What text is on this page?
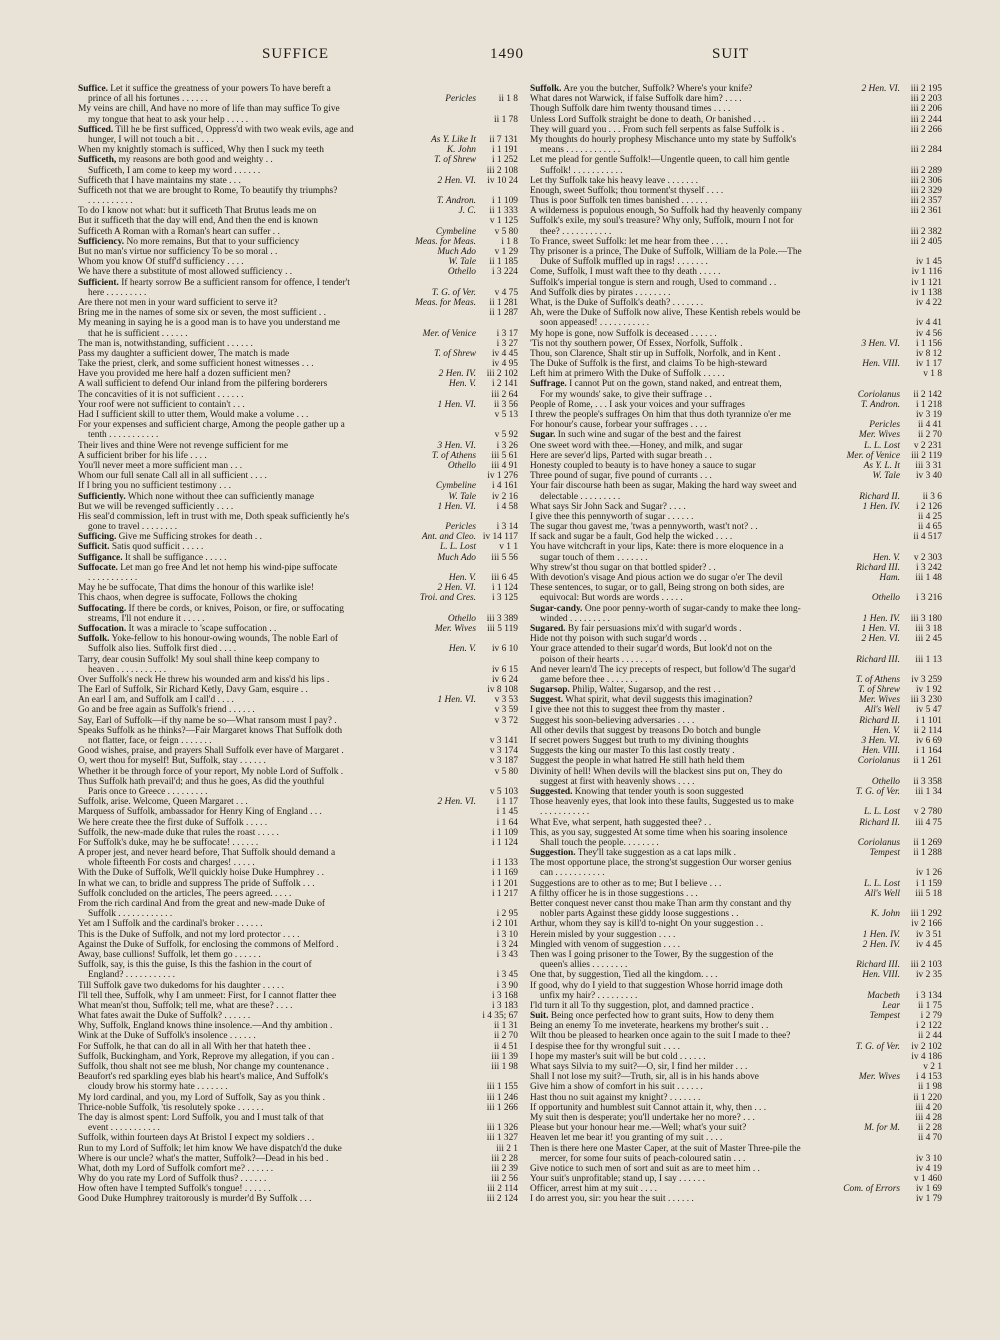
SUFFICE	1490	SUIT
Suffice. Let it suffice the greatness of your powers To have bereft a
prince of all his fortunes . . . . . .	Pericles	ii 1 8
My veins are chill, And have no more of life than may suffice To give
my tongue that heat to ask your help . . . . .	ii 1 78
Sufficed. Till he be first sufficed, Oppress'd with two weak evils, age and
hunger, I will not touch a bit . . . .	As Y. Like It	ii 7 131
When my knightly stomach is sufficed, Why then I suck my teeth	K. John	i 1 191
Sufficeth, my reasons are both good and weighty . .	T. of Shrew	i 1 252
Sufficeth, I am come to keep my word . . . . . .	iii 2 108
Sufficeth that I have maintains my state . . .	2 Hen. VI.	iv 10 24
Sufficeth not that we are brought to Rome, To beautify thy triumphs?
. . . . . . . . . .	T. Andron.	i 1 109
To do I know not what: but it sufficeth That Brutus leads me on	J. C.	ii 1 333
But it sufficeth that the day will end, And then the end is known	v 1 125
Sufficeth A Roman with a Roman's heart can suffer . .	Cymbeline	v 5 80
Sufficiency. No more remains, But that to your sufficiency	Meas. for Meas.	i 1 8
But no man's virtue nor sufficiency To be so moral . .	Much Ado	v 1 29
Whom you know Of stuff'd sufficiency . . . .	W. Tale	ii 1 185
We have there a substitute of most allowed sufficiency . .	Othello	i 3 224
Sufficient. If hearty sorrow Be a sufficient ransom for offence, I tender't
here . . . . . . . . .	T. G. of Ver.	v 4 75
Are there not men in your ward sufficient to serve it?	Meas. for Meas.	ii 1 281
Bring me in the names of some six or seven, the most sufficient . .	ii 1 287
My meaning in saying he is a good man is to have you understand me
that he is sufficient . . . . . .	Mer. of Venice	i 3 17
The man is, notwithstanding, sufficient . . . . . .	i 3 27
Pass my daughter a sufficient dower, The match is made	T. of Shrew	iv 4 45
Take the priest, clerk, and some sufficient honest witnesses . . .	iv 4 95
Have you provided me here half a dozen sufficient men?	2 Hen. IV.	iii 2 102
A wall sufficient to defend Our inland from the pilfering borderers	Hen. V.	i 2 141
The concavities of it is not sufficient . . . . . .	iii 2 64
Your roof were not sufficient to contain't . . .	1 Hen. VI.	ii 3 56
Had I sufficient skill to utter them, Would make a volume . . .	v 5 13
For your expenses and sufficient charge, Among the people gather up a
tenth . . . . . . . . . . .	v 5 92
Their lives and thine Were not revenge sufficient for me	3 Hen. VI.	i 3 26
A sufficient briber for his life . . . .	T. of Athens	iii 5 61
You'll never meet a more sufficient man . . .	Othello	iii 4 91
Whom our full senate Call all in all sufficient . . . .	iv 1 276
If I bring you no sufficient testimony . . .	Cymbeline	i 4 161
Sufficiently. Which none without thee can sufficiently manage	W. Tale	iv 2 16
But we will be revenged sufficiently . . . .	1 Hen. VI.	i 4 58
His seal'd commission, left in trust with me, Doth speak sufficiently he's
gone to travel . . . . . . . .	Pericles	i 3 14
Sufficing. Give me Sufficing strokes for death . .	Ant. and Cleo. iv 14 117
Sufficit. Satis quod sufficit . . . . .	L. L. Lost	v 1 1
Suffigance. It shall be suffigance . . . . .	Much Ado	iii 5 56
Suffocate. Let man go free And let not hemp his wind-pipe suffocate
. . . . . . . . . . .	Hen. V.	iii 6 45
May he be suffocate, That dims the honour of this warlike isle!	2 Hen. VI.	i 1 124
This chaos, when degree is suffocate, Follows the choking	Troi. and Cres.	i 3 125
Suffocating. If there be cords, or knives, Poison, or fire, or suffocating
streams, I'll not endure it . . . . .	Othello	iii 3 389
Suffocation. It was a miracle to 'scape suffocation . .	Mer. Wives	iii 5 119
Suffolk. Yoke-fellow to his honour-owing wounds, The noble Earl of
Suffolk also lies. Suffolk first died . . . .	Hen. V.	iv 6 10
Tarry, dear cousin Suffolk! My soul shall thine keep company to
heaven . . . . . . . . . . .	iv 6 15
Over Suffolk's neck He threw his wounded arm and kiss'd his lips .	iv 6 24
The Earl of Suffolk, Sir Richard Ketly, Davy Gam, esquire . .	iv 8 108
An earl I am, and Suffolk am I call'd . . . .	1 Hen. VI.	v 3 53
Go and be free again as Suffolk's friend . . . . . .	v 3 59
Say, Earl of Suffolk—if thy name be so—What ransom must I pay? .	v 3 72
Speaks Suffolk as he thinks?—Fair Margaret knows That Suffolk doth
not flatter, face, or feign . . . . . . .	v 3 141
Good wishes, praise, and prayers Shall Suffolk ever have of Margaret .	v 3 174
O, wert thou for myself! But, Suffolk, stay . . . . . .	v 3 187
Whether it be through force of your report, My noble Lord of Suffolk .	v 5 80
Thus Suffolk hath prevail'd; and thus he goes, As did the youthful
Paris once to Greece . . . . . . . . .	v 5 103
Suffolk, arise. Welcome, Queen Margaret . . .	2 Hen. VI.	i 1 17
Marquess of Suffolk, ambassador for Henry King of England . . .	i 1 45
We here create thee the first duke of Suffolk . . . . .	i 1 64
Suffolk, the new-made duke that rules the roast . . . . .	i 1 109
For Suffolk's duke, may he be suffocate! . . . . . .	i 1 124
A proper jest, and never heard before, That Suffolk should demand a
whole fifteenth For costs and charges! . . . . .	i 1 133
With the Duke of Suffolk, We'll quickly hoise Duke Humphrey . .	i 1 169
In what we can, to bridle and suppress The pride of Suffolk . . .	i 1 201
Suffolk concluded on the articles, The peers agreed. . . . .	i 1 217
From the rich cardinal And from the great and new-made Duke of
Suffolk . . . . . . . . . . . .	i 2 95
Yet am I Suffolk and the cardinal's broker . . . . . .	i 2 101
This is the Duke of Suffolk, and not my lord protector . . . .	i 3 10
Against the Duke of Suffolk, for enclosing the commons of Melford .	i 3 24
Away, base cullions! Suffolk, let them go . . . . . .	i 3 43
Suffolk, say, is this the guise, Is this the fashion in the court of
England? . . . . . . . . . . .	i 3 45
Till Suffolk gave two dukedoms for his daughter . . . . .	i 3 90
I'll tell thee, Suffolk, why I am unmeet: First, for I cannot flatter thee	i 3 168
What mean'st thou, Suffolk; tell me, what are these? . . . .	i 3 183
What fates await the Duke of Suffolk? . . . . . .	i 4 35; 67
Why, Suffolk, England knows thine insolence.—And thy ambition .	ii 1 31
Wink at the Duke of Suffolk's insolence . . . . . .	ii 2 70
For Suffolk, he that can do all in all With her that hateth thee .	ii 4 51
Suffolk, Buckingham, and York, Reprove my allegation, if you can .	iii 1 39
Suffolk, thou shalt not see me blush, Nor change my countenance .	iii 1 98
Beaufort's red sparkling eyes blab his heart's malice, And Suffolk's
cloudy brow his stormy hate . . . . . . .	iii 1 155
My lord cardinal, and you, my Lord of Suffolk, Say as you think .	iii 1 246
Thrice-noble Suffolk, 'tis resolutely spoke . . . . . .	iii 1 266
The day is almost spent: Lord Suffolk, you and I must talk of that
event . . . . . . . . . . .	iii 1 326
Suffolk, within fourteen days At Bristol I expect my soldiers . .	iii 1 327
Run to my Lord of Suffolk; let him know We have dispatch'd the duke	iii 2 1
Where is our uncle? what's the matter, Suffolk?—Dead in his bed .	iii 2 28
What, doth my Lord of Suffolk comfort me? . . . . . .	iii 2 39
Why do you rate my Lord of Suffolk thus? . . . . . .	iii 2 56
How often have I tempted Suffolk's tongue! . . . . . .	iii 2 114
Good Duke Humphrey traitorously is murder'd By Suffolk . . .	iii 2 124
Suffolk. Are you the butcher, Suffolk? Where's your knife?	2 Hen. VI.	iii 2 195
What dares not Warwick, if false Suffolk dare him? . . . .	iii 2 203
Though Suffolk dare him twenty thousand times . . . .	iii 2 206
Unless Lord Suffolk straight be done to death, Or banished . . .	iii 2 244
They will guard you . . . From such fell serpents as false Suffolk is .	iii 2 266
My thoughts do hourly prophesy Mischance unto my state by Suffolk's
means . . . . . . . . . . . .	iii 2 284
Let me plead for gentle Suffolk!—Ungentle queen, to call him gentle
Suffolk! . . . . . . . . . . .	iii 2 289
Let thy Suffolk take his heavy leave . . . . . . .	iii 2 306
Enough, sweet Suffolk; thou torment'st thyself . . . .	iii 2 329
Thus is poor Suffolk ten times banished . . . . . .	iii 2 357
A wilderness is populous enough, So Suffolk had thy heavenly company	iii 2 361
Suffolk's exile, my soul's treasure? Why only, Suffolk, mourn I not for
thee? . . . . . . . . . . .	iii 2 382
To France, sweet Suffolk: let me hear from thee . . . .	iii 2 405
Thy prisoner is a prince, The Duke of Suffolk, William de la Pole.—The
Duke of Suffolk muffled up in rags! . . . . . . .	iv 1 45
Come, Suffolk, I must waft thee to thy death . . . . .	iv 1 116
Suffolk's imperial tongue is stern and rough, Used to command . .	iv 1 121
And Suffolk dies by pirates . . . . . . . .	iv 1 138
What, is the Duke of Suffolk's death? . . . . . . .	iv 4 22
Ah, were the Duke of Suffolk now alive, These Kentish rebels would be
soon appeased! . . . . . . . . . . .	iv 4 41
My hope is gone, now Suffolk is deceased . . . . . .	iv 4 56
'Tis not thy southern power, Of Essex, Norfolk, Suffolk .	3 Hen. VI.	i 1 156
Thou, son Clarence, Shalt stir up in Suffolk, Norfolk, and in Kent .	iv 8 12
The Duke of Suffolk is the first, and claims To be high-steward	Hen. VIII.	iv 1 17
Left him at primero With the Duke of Suffolk . . . . .	v 1 8
Suffrage. I cannot Put on the gown, stand naked, and entreat them,
For my wounds' sake, to give their suffrage . .	Coriolanus	ii 2 142
People of Rome, . . . I ask your voices and your suffrages	T. Andron.	i 1 218
I threw the people's suffrages On him that thus doth tyrannize o'er me	iv 3 19
For honour's cause, forbear your suffrages . . . .	Pericles	ii 4 41
Sugar. In such wine and sugar of the best and the fairest	Mer. Wives	ii 2 70
One sweet word with thee.—Honey, and milk, and sugar	L. L. Lost	v 2 231
Here are sever'd lips, Parted with sugar breath . .	Mer. of Venice	iii 2 119
Honesty coupled to beauty is to have honey a sauce to sugar	As Y. L. It	iii 3 31
Three pound of sugar, five pound of currants . . .	W. Tale	iv 3 40
Your fair discourse hath been as sugar, Making the hard way sweet and
delectable . . . . . . . . .	Richard II.	ii 3 6
What says Sir John Sack and Sugar? . . . .	1 Hen. IV.	i 2 126
I give thee this pennyworth of sugar . . . . . .	ii 4 25
The sugar thou gavest me, 'twas a pennyworth, wast't not? . .	ii 4 65
If sack and sugar be a fault, God help the wicked . . . .	ii 4 517
You have witchcraft in your lips, Kate: there is more eloquence in a
sugar touch of them . . . . . . .	Hen. V.	v 2 303
Why strew'st thou sugar on that bottled spider? . .	Richard III.	i 3 242
With devotion's visage And pious action we do sugar o'er The devil	Ham.	iii 1 48
These sentences, to sugar, or to gall, Being strong on both sides, are
equivocal: But words are words . . . . .	Othello	i 3 216
Sugar-candy. One poor penny-worth of sugar-candy to make thee long-
winded . . . . . . . . .	1 Hen. IV.	iii 3 180
Sugared. By fair persuasions mix'd with sugar'd words .	1 Hen. VI.	iii 3 18
Hide not thy poison with such sugar'd words . .	2 Hen. VI.	iii 2 45
Your grace attended to their sugar'd words, But look'd not on the
poison of their hearts . . . . . . .	Richard III.	iii 1 13
And never learn'd The icy precepts of respect, but follow'd The sugar'd
game before thee . . . . . . .	T. of Athens	iv 3 259
Sugarsop. Philip, Walter, Sugarsop, and the rest . .	T. of Shrew	iv 1 92
Suggest. What spirit, what devil suggests this imagination?	Mer. Wives	iii 3 230
I give thee not this to suggest thee from thy master .	All's Well	iv 5 47
Suggest his soon-believing adversaries . . . .	Richard II.	i 1 101
All other devils that suggest by treasons Do botch and bungle	Hen. V.	ii 2 114
If secret powers Suggest but truth to my divining thoughts	3 Hen. VI.	iv 6 69
Suggests the king our master To this last costly treaty .	Hen. VIII.	i 1 164
Suggest the people in what hatred He still hath held them	Coriolanus	ii 1 261
Divinity of hell! When devils will the blackest sins put on, They do
suggest at first with heavenly shows . . . .	Othello	ii 3 358
Suggested. Knowing that tender youth is soon suggested	T. G. of Ver.	iii 1 34
Those heavenly eyes, that look into these faults, Suggested us to make
. . . . . . . . . . .	L. L. Lost	v 2 780
What Eve, what serpent, hath suggested thee? . .	Richard II.	iii 4 75
This, as you say, suggested At some time when his soaring insolence
Shall touch the people. . . . . . . .	Coriolanus	ii 1 269
Suggestion. They'll take suggestion as a cat laps milk .	Tempest	ii 1 288
The most opportune place, the strong'st suggestion Our worser genius
can . . . . . . . . . . .	iv 1 26
Suggestions are to other as to me; But I believe . . .	L. L. Lost	i 1 159
A filthy officer he is in those suggestions . . .	All's Well	iii 5 18
Better conquest never canst thou make Than arm thy constant and thy
nobler parts Against these giddy loose suggestions . .	K. John	iii 1 292
Arthur, whom they say is kill'd to-night On your suggestion . .	iv 2 166
Herein misled by your suggestion . . . .	1 Hen. IV.	iv 3 51
Mingled with venom of suggestion . . . .	2 Hen. IV.	iv 4 45
Then was I going prisoner to the Tower, By the suggestion of the
queen's allies . . . . . . . .	Richard III.	iii 2 103
One that, by suggestion, Tied all the kingdom. . . .	Hen. VIII.	iv 2 35
If good, why do I yield to that suggestion Whose horrid image doth
unfix my hair? . . . . . . . . .	Macbeth	i 3 134
I'ld turn it all To thy suggestion, plot, and damned practice .	Lear	ii 1 75
Suit. Being once perfected how to grant suits, How to deny them	Tempest	i 2 79
Being an enemy To me inveterate, hearkens my brother's suit . .	i 2 122
Wilt thou be pleased to hearken once again to the suit I made to thee?	ii 2 44
I despise thee for thy wrongful suit . . . .	T. G. of Ver.	iv 2 102
I hope my master's suit will be but cold . . . . . .	iv 4 186
What says Silvia to my suit?—O, sir, I find her milder . . .	v 2 1
Shall I not lose my suit?—Truth, sir, all is in his hands above	Mer. Wives	i 4 153
Give him a show of comfort in his suit . . . . . .	ii 1 98
Hast thou no suit against my knight? . . . . . . .	ii 1 220
If opportunity and humblest suit Cannot attain it, why, then . . .	iii 4 20
My suit then is desperate; you'll undertake her no more? . . .	iii 4 28
Please but your honour hear me.—Well; what's your suit?	M. for M.	ii 2 28
Heaven let me bear it! you granting of my suit . . . .	ii 4 70
Then is there here one Master Caper, at the suit of Master Three-pile the
mercer, for some four suits of peach-coloured satin . . .	iv 3 10
Give notice to such men of sort and suit as are to meet him . .	iv 4 19
Your suit's unprofitable; stand up, I say . . . . . .	v 1 460
Officer, arrest him at my suit . . . .	Com. of Errors	iv 1 69
I do arrest you, sir: you hear the suit . . . . . .	iv 1 79
